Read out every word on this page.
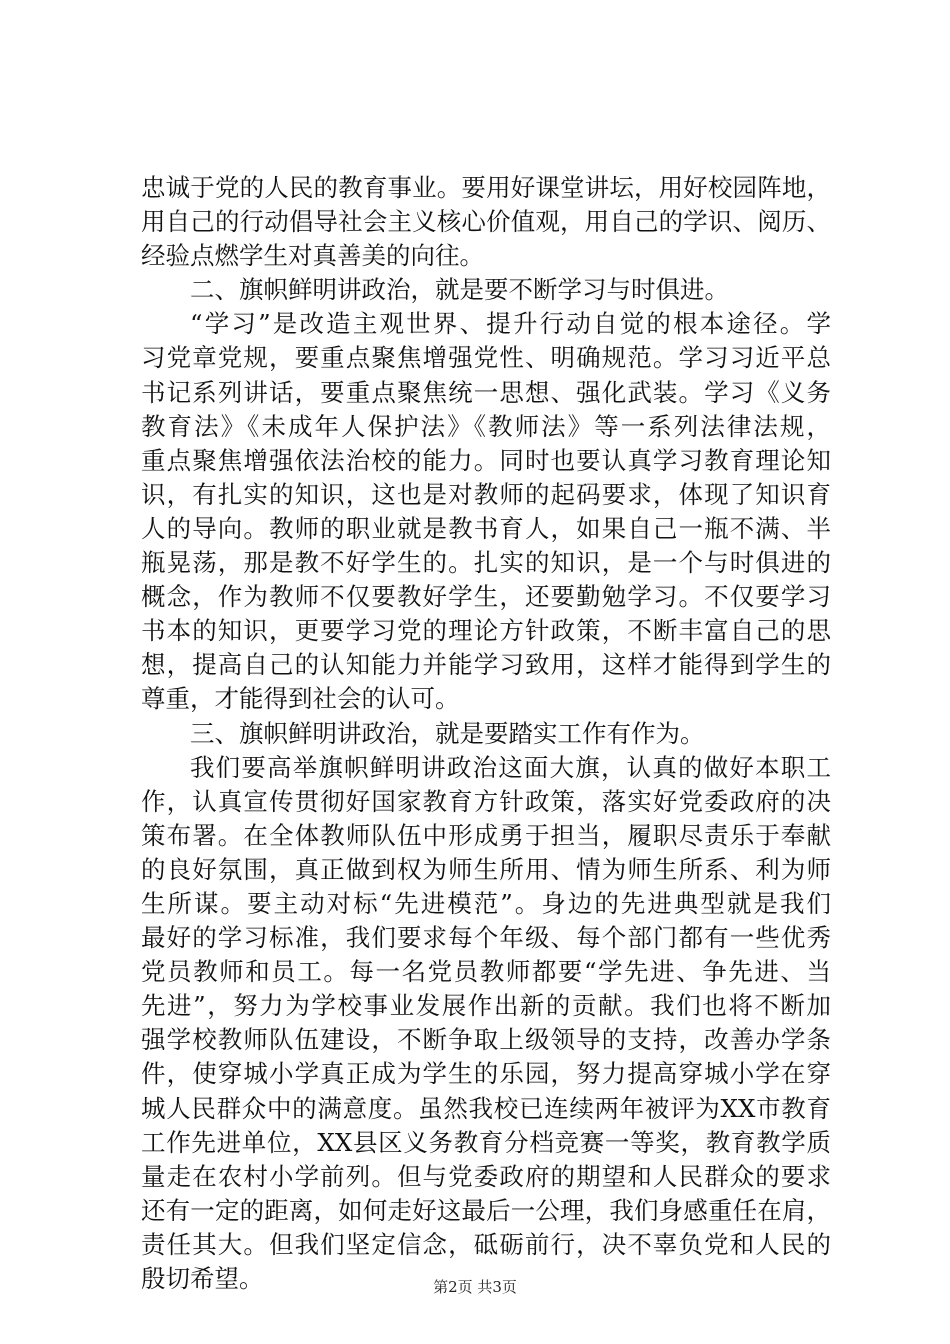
忠诚于党的人民的教育事业。要用好课堂讲坛，用好校园阵地，
用自己的行动倡导社会主义核心价值观，用自己的学识、阅历、
经验点燃学生对真善美的向往。
二、旗帜鲜明讲政治，就是要不断学习与时俱进。
“学习”是改造主观世界、提升行动自觉的根本途径。学
习党章党规，要重点聚焦增强党性、明确规范。学习习近平总
书记系列讲话，要重点聚焦统一思想、强化武装。学习《义务
教育法》《未成年人保护法》《教师法》等一系列法律法规，
重点聚焦增强依法治校的能力。同时也要认真学习教育理论知
识，有扎实的知识，这也是对教师的起码要求，体现了知识育
人的导向。教师的职业就是教书育人，如果自己一瓶不满、半
瓶晃荡，那是教不好学生的。扎实的知识，是一个与时俱进的
概念，作为教师不仅要教好学生，还要勤勉学习。不仅要学习
书本的知识，更要学习党的理论方针政策，不断丰富自己的思
想，提高自己的认知能力并能学习致用，这样才能得到学生的
尊重，才能得到社会的认可。
三、旗帜鲜明讲政治，就是要踏实工作有作为。
我们要高举旗帜鲜明讲政治这面大旗，认真的做好本职工
作，认真宣传贯彻好国家教育方针政策，落实好党委政府的决
策布署。在全体教师队伍中形成勇于担当，履职尽责乐于奉献
的良好氛围，真正做到权为师生所用、情为师生所系、利为师
生所谋。要主动对标“先进模范”。身边的先进典型就是我们
最好的学习标准，我们要求每个年级、每个部门都有一些优秀
党员教师和员工。每一名党员教师都要“学先进、争先进、当
先进”，努力为学校事业发展作出新的贡献。我们也将不断加
强学校教师队伍建设，不断争取上级领导的支持，改善办学条
件，使穿城小学真正成为学生的乐园，努力提高穿城小学在穿
城人民群众中的满意度。虽然我校已连续两年被评为XX市教育
工作先进单位，XX县区义务教育分档竞赛一等奖，教育教学质
量走在农村小学前列。但与党委政府的期望和人民群众的要求
还有一定的距离，如何走好这最后一公理，我们身感重任在肩，
责任其大。但我们坚定信念，砥砺前行，决不辜负党和人民的
殷切希望。	第2页 共3页
